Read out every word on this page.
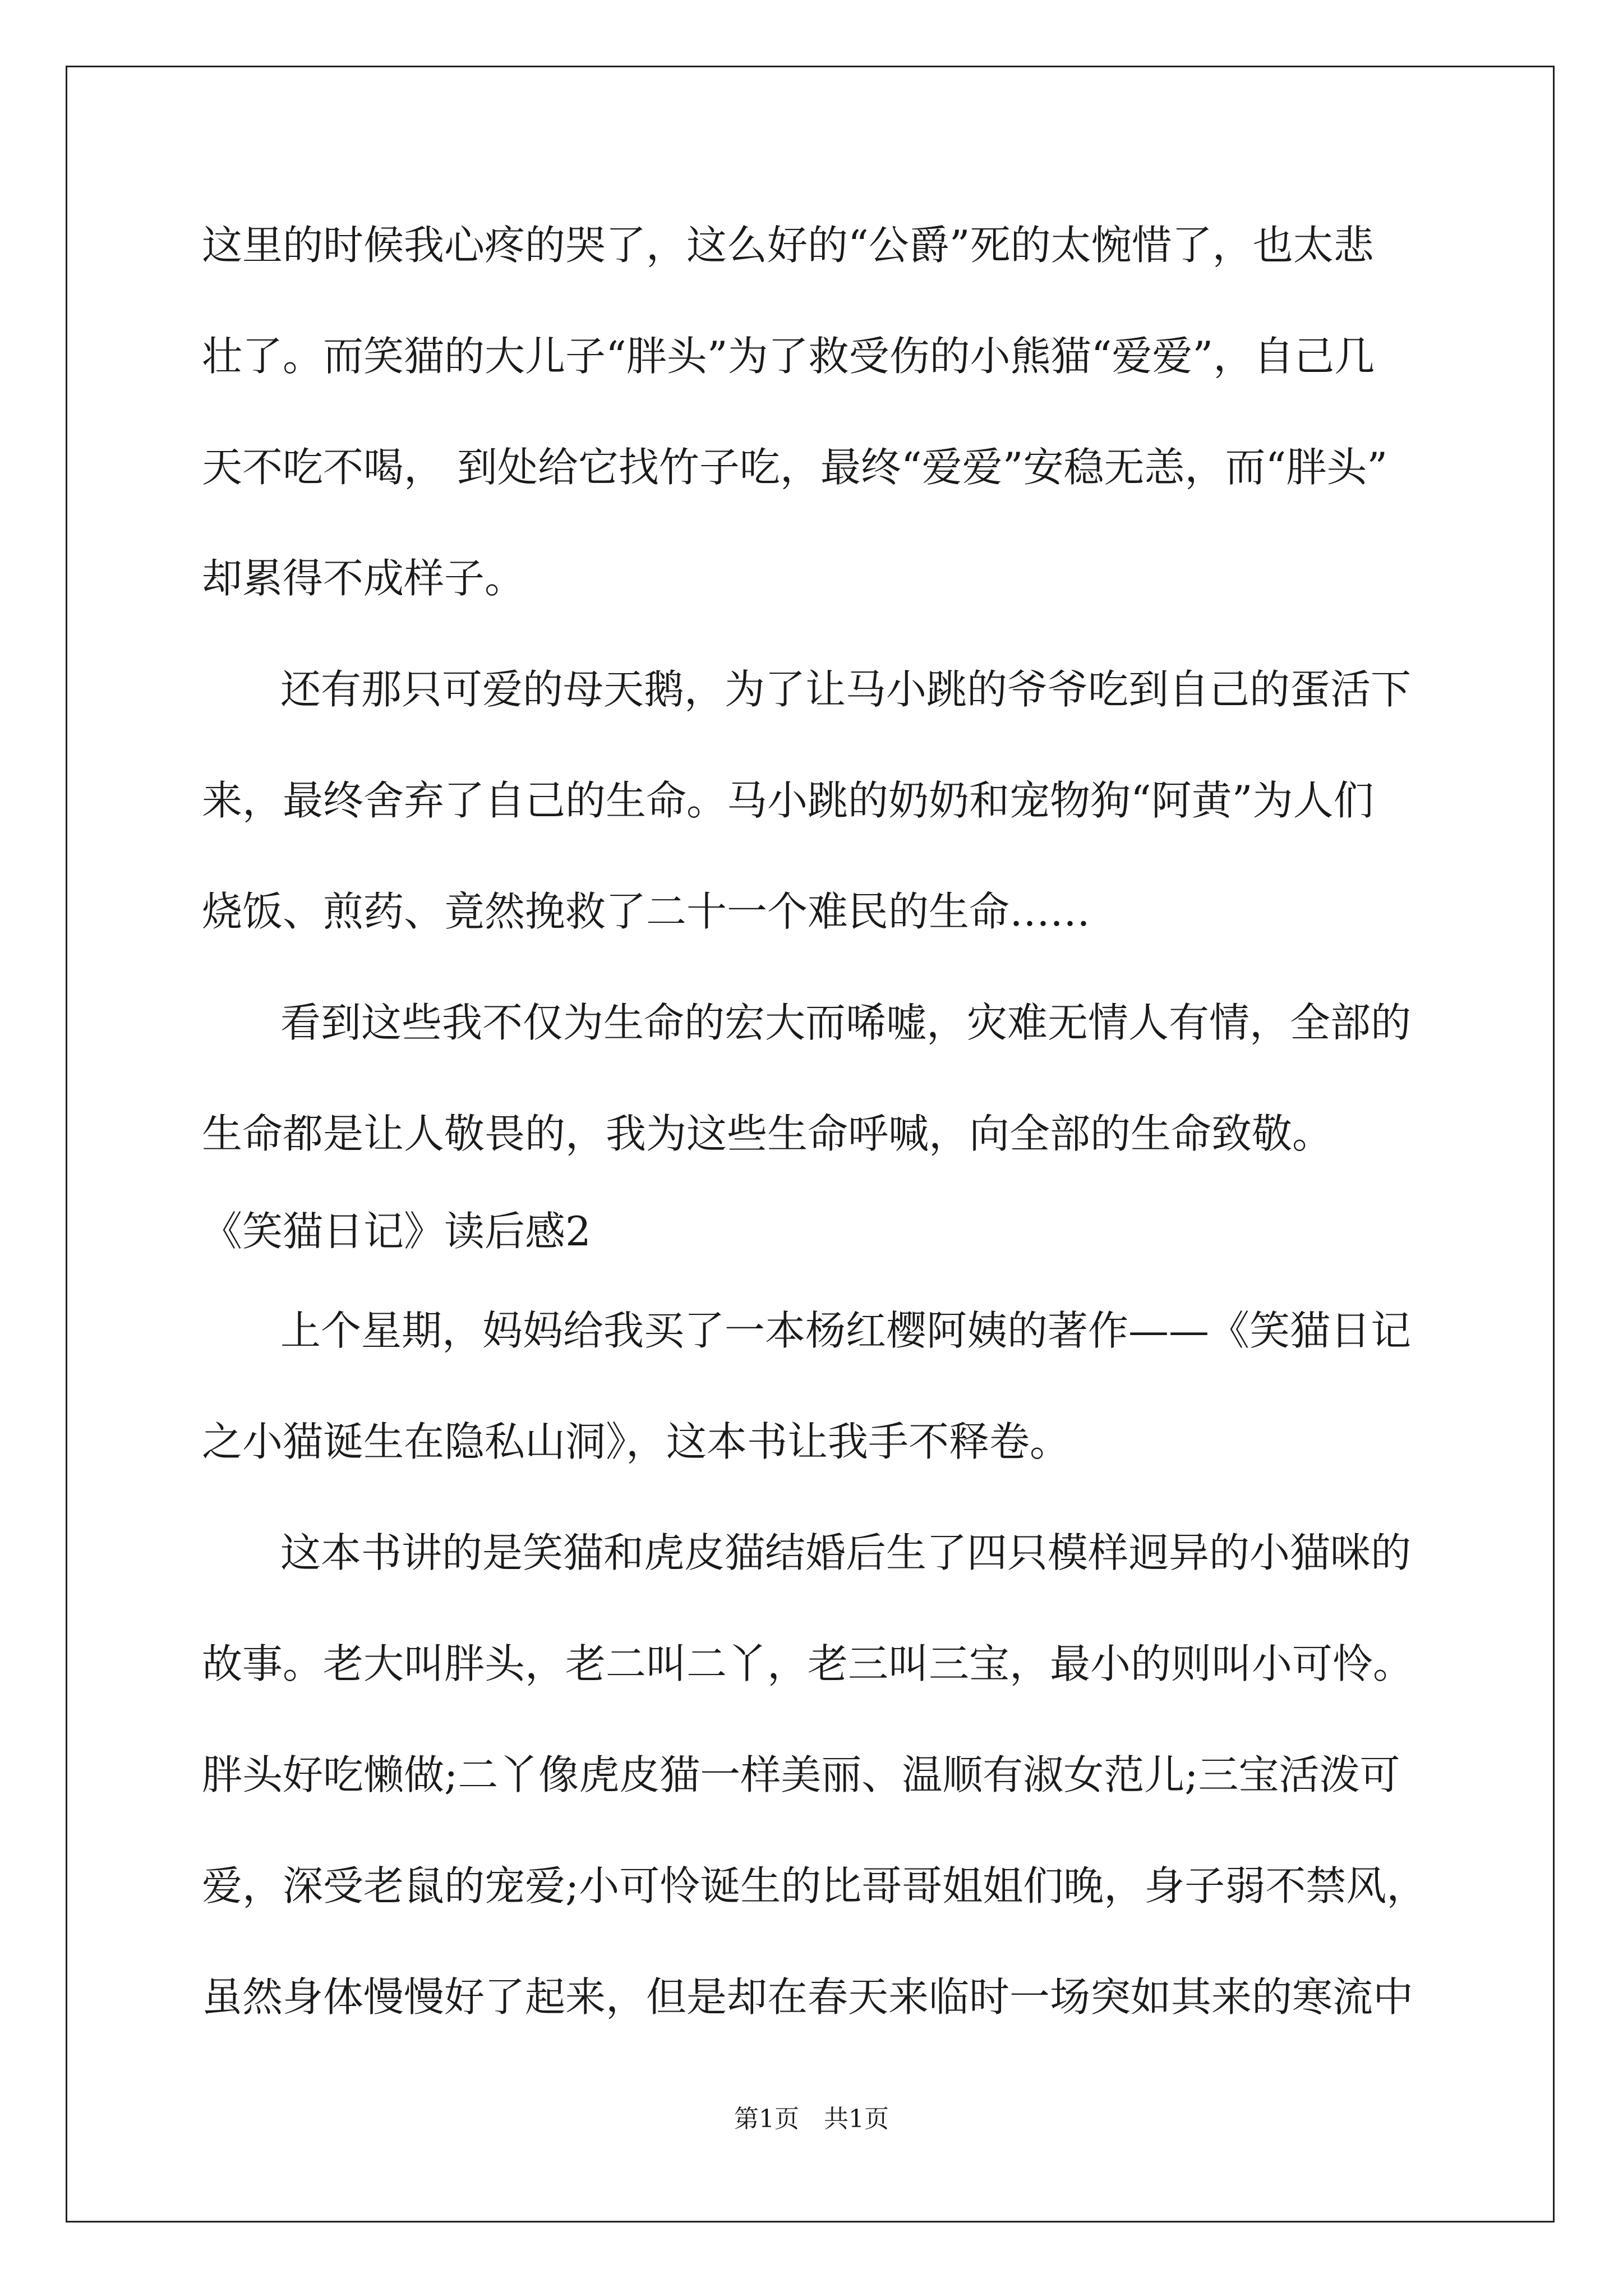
这里的时候我心疼的哭了，这么好的“公爵”死的太惋惜了，也太悲
壮了。而笑猫的大儿子“胖头”为了救受伤的小熊猫“爱爱”，自己几
天不吃不喝， 到处给它找竹子吃，最终“爱爱”安稳无恙，而“胖头”
却累得不成样子。
还有那只可爱的母天鹅，为了让马小跳的爷爷吃到自己的蛋活下
来，最终舍弃了自己的生命。马小跳的奶奶和宠物狗“阿黄”为人们
烧饭、煎药、竟然挽救了二十一个难民的生命……
看到这些我不仅为生命的宏大而唏嘘，灾难无情人有情，全部的
生命都是让人敬畏的，我为这些生命呼喊，向全部的生命致敬。
《笑猫日记》读后感2
上个星期，妈妈给我买了一本杨红樱阿姨的著作——《笑猫日记
之小猫诞生在隐私山洞》，这本书让我手不释卷。
这本书讲的是笑猫和虎皮猫结婚后生了四只模样迥异的小猫咪的
故事。老大叫胖头，老二叫二丫，老三叫三宝，最小的则叫小可怜。
胖头好吃懒做;二丫像虎皮猫一样美丽、温顺有淑女范儿;三宝活泼可
爱，深受老鼠的宠爱;小可怜诞生的比哥哥姐姐们晚，身子弱不禁风，
虽然身体慢慢好了起来，但是却在春天来临时一场突如其来的寒流中
第1页　共1页
